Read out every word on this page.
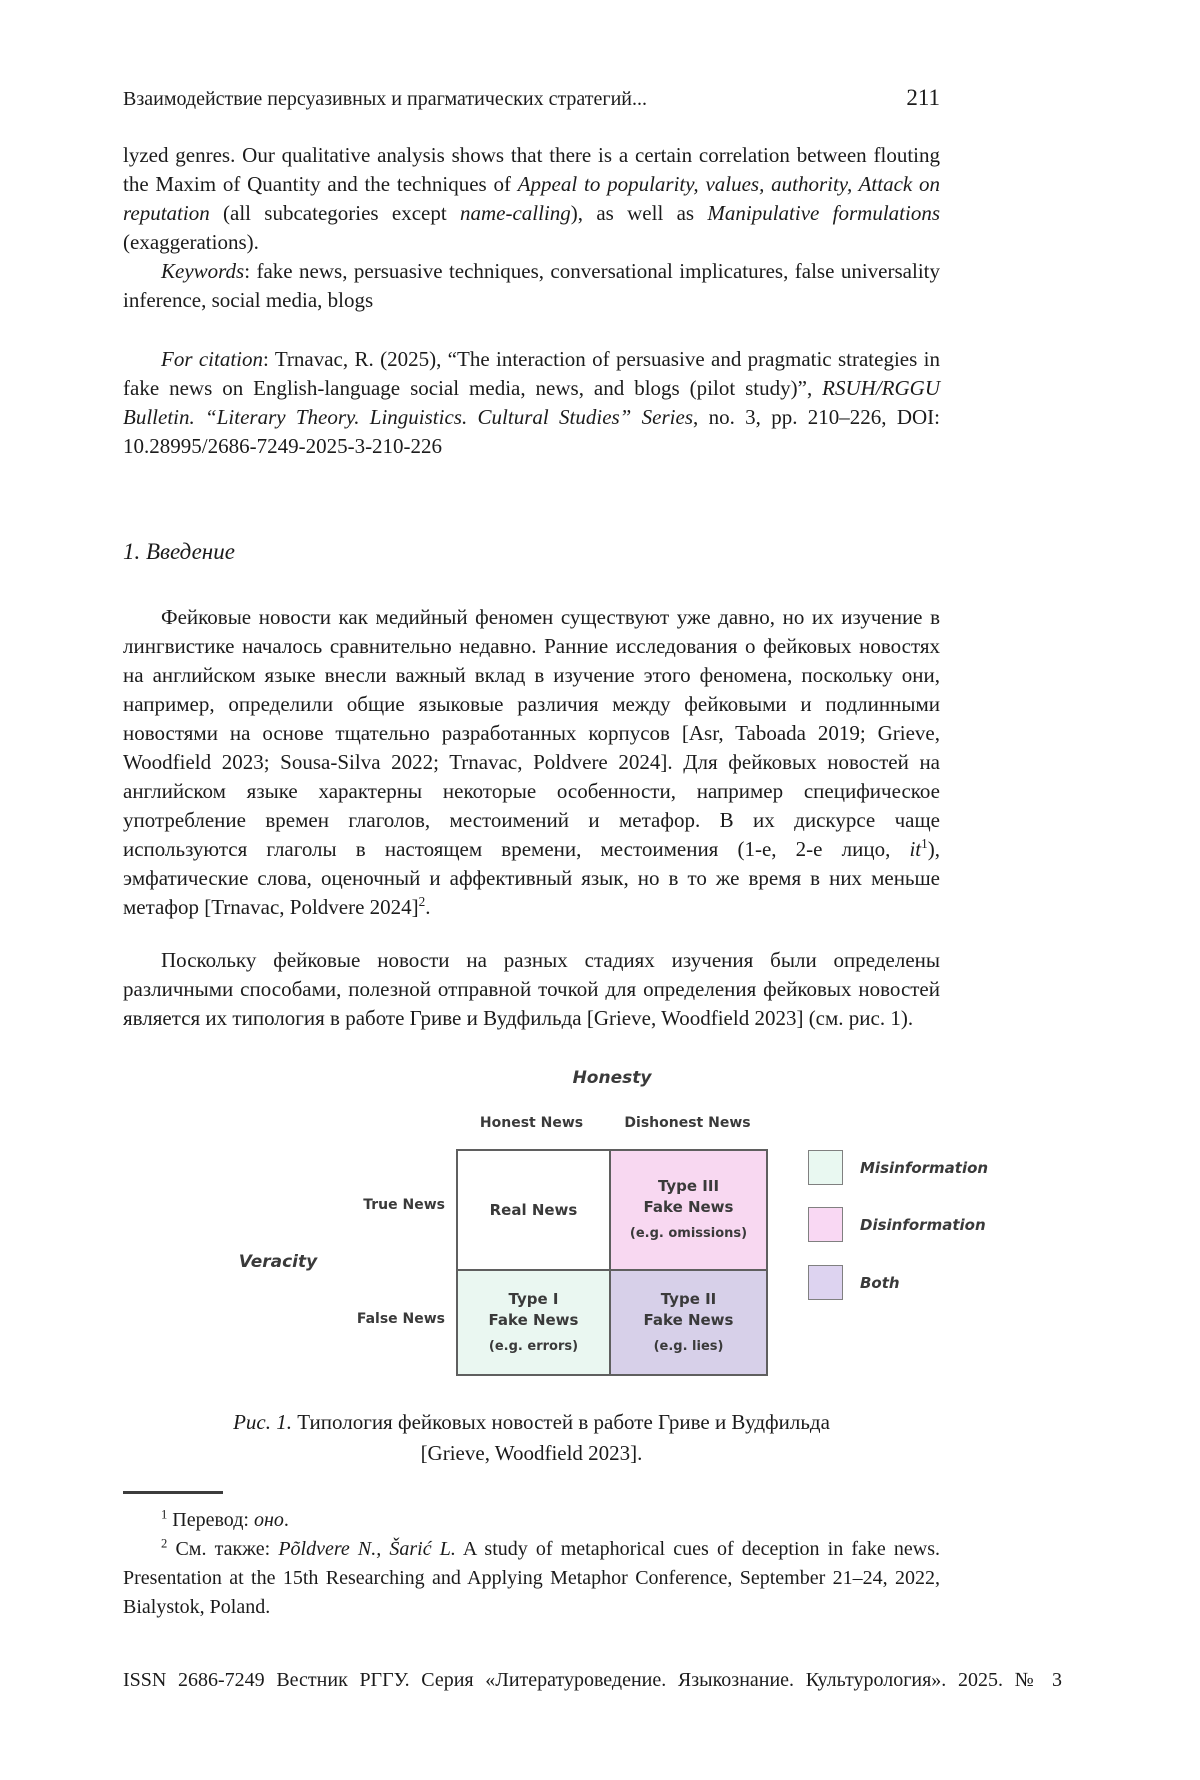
Взаимодействие персуазивных и прагматических стратегий...	211

lyzed genres. Our qualitative analysis shows that there is a certain correlation between flouting the Maxim of Quantity and the techniques of Appeal to popularity, values, authority, Attack on reputation (all subcategories except name-calling), as well as Manipulative formulations (exaggerations).

Keywords: fake news, persuasive techniques, conversational implicatures, false universality inference, social media, blogs

For citation: Trnavac, R. (2025), “The interaction of persuasive and pragmatic strategies in fake news on English-language social media, news, and blogs (pilot study)”, RSUH/RGGU Bulletin. “Literary Theory. Linguistics. Cultural Studies” Series, no. 3, pp. 210–226, DOI: 10.28995/2686-7249-2025-3-210-226

1. Введение

Фейковые новости как медийный феномен существуют уже давно, но их изучение в лингвистике началось сравнительно недавно. Ранние исследования о фейковых новостях на английском языке внесли важный вклад в изучение этого феномена, поскольку они, например, определили общие языковые различия между фейковыми и подлинными новостями на основе тщательно разработанных корпусов [Asr, Taboada 2019; Grieve, Woodfield 2023; Sousa-Silva 2022; Trnavac, Poldvere 2024]. Для фейковых новостей на английском языке характерны некоторые особенности, например специфическое употребление времен глаголов, местоимений и метафор. В их дискурсе чаще используются глаголы в настоящем времени, местоимения (1-е, 2-е лицо, $it^1$), эмфатические слова, оценочный и аффективный язык, но в то же время в них меньше метафор [Trnavac, Poldvere 2024]$^2$.

Поскольку фейковые новости на разных стадиях изучения были определены различными способами, полезной отправной точкой для определения фейковых новостей является их типология в работе Гриве и Вудфильда [Grieve, Woodfield 2023] (см. рис. 1).

Honesty
Veracity
Honest News	Dishonest News
True News
False News
Real News
Type III
Fake News
(e.g. omissions)
Type I
Fake News
(e.g. errors)
Type II
Fake News
(e.g. lies)
Misinformation
Disinformation
Both
Рис. 1. Типология фейковых новостей в работе Гриве и Вудфильда
[Grieve, Woodfield 2023].

$^1$ Перевод: оно.

$^2$ См. также: Põldvere N., Šarić L. A study of metaphorical cues of deception in fake news. Presentation at the 15th Researching and Applying Metaphor Conference, September 21–24, 2022, Bialystok, Poland.

ISSN 2686-7249 Вестник РГГУ. Серия «Литературоведение. Языкознание. Культурология». 2025. № 3
